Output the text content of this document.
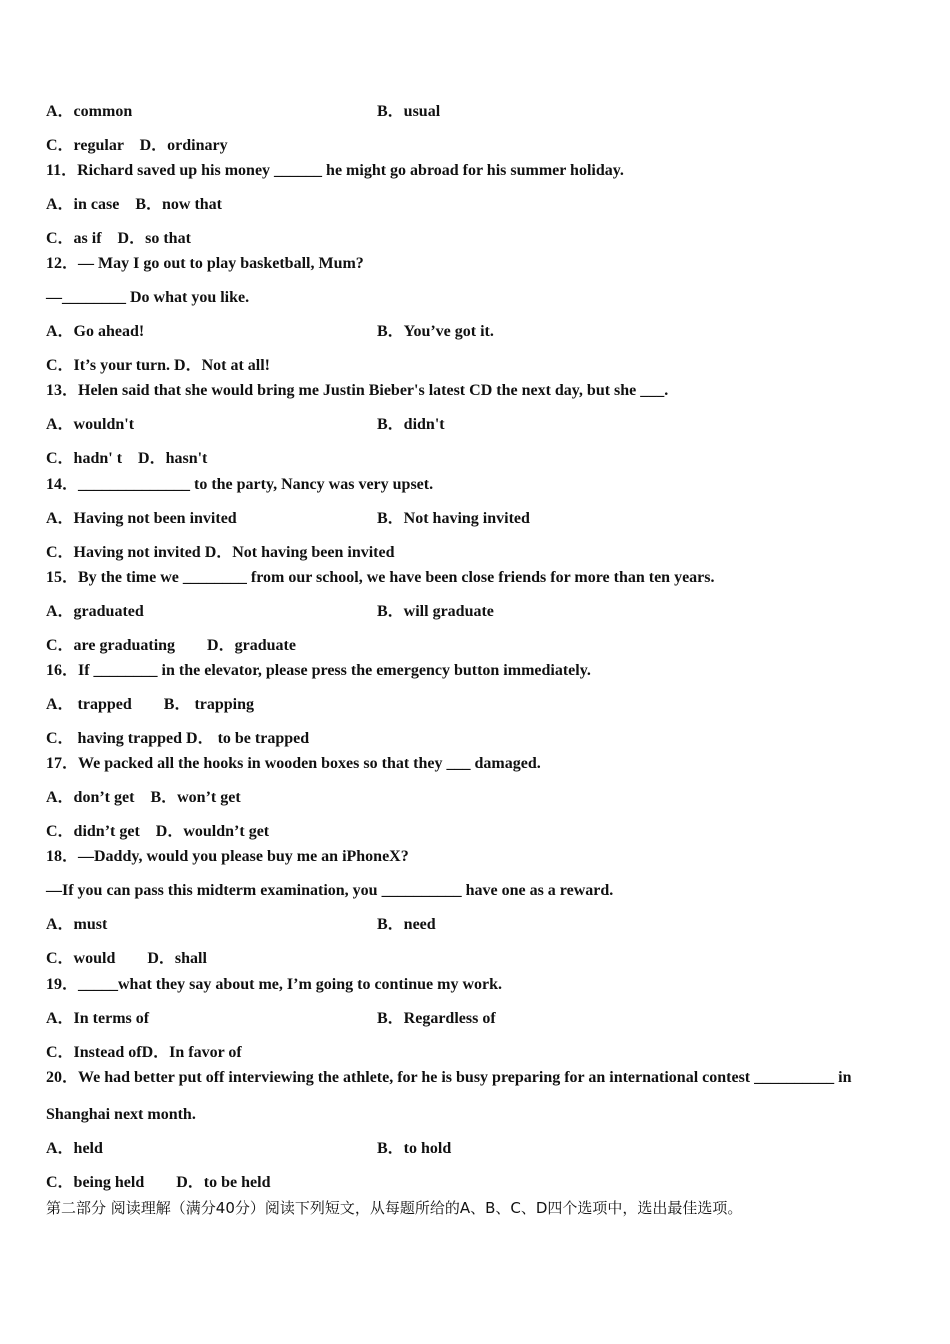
A．common	B．usual
C．regular　D．ordinary
11．Richard saved up his money ______ he might go abroad for his summer holiday.
A．in case　B．now that
C．as if　D．so that
12．— May I go out to play basketball, Mum?
—________ Do what you like.
A．Go ahead!	B．You’ve got it.
C．It’s your turn. D．Not at all!
13．Helen said that she would bring me Justin Bieber's latest CD the next day, but she ___.
A．wouldn't	B．didn't
C．hadn' t　D．hasn't
14．______________ to the party, Nancy was very upset.
A．Having not been invited	B．Not having invited
C．Having not invited D．Not having been invited
15．By the time we ________ from our school, we have been close friends for more than ten years.
A．graduated	B．will graduate
C．are graduating　　D．graduate
16．If ________ in the elevator, please press the emergency button immediately.
A． trapped　　B． trapping
C． having trapped D． to be trapped
17．We packed all the hooks in wooden boxes so that they ___ damaged.
A．don’t get　B．won’t get
C．didn’t get　D．wouldn’t get
18．—Daddy, would you please buy me an iPhoneX?
—If you can pass this midterm examination, you __________ have one as a reward.
A．must	B．need
C．would　　D．shall
19．_____what they say about me, I’m going to continue my work.
A．In terms of	B．Regardless of
C．Instead ofD．In favor of
20．We had better put off interviewing the athlete, for he is busy preparing for an international contest __________ in
Shanghai next month.
A．held	B．to hold
C．being held　　D．to be held
第二部分 阅读理解（满分40分）阅读下列短文，从每题所给的A、B、C、D四个选项中，选出最佳选项。
